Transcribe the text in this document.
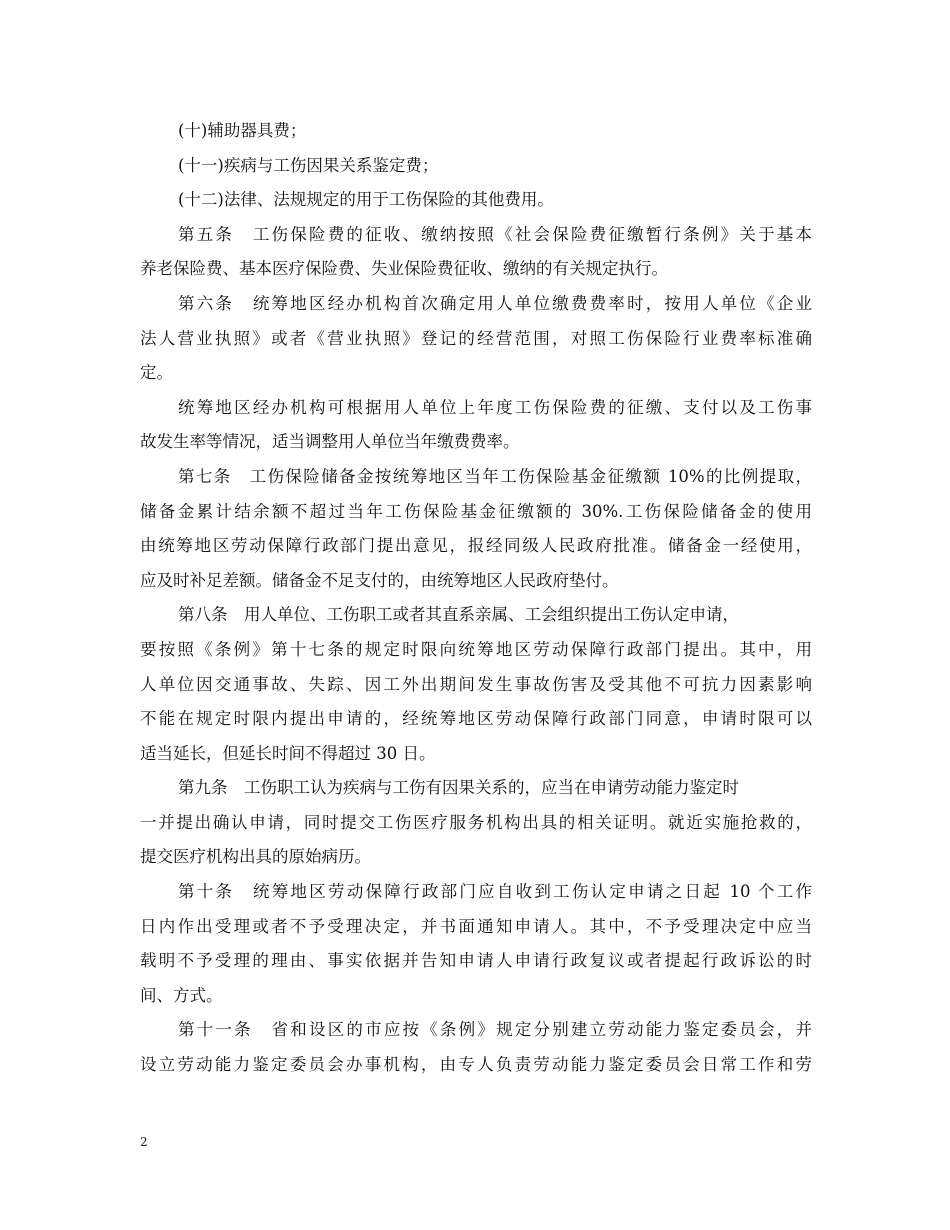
(十)辅助器具费；
(十一)疾病与工伤因果关系鉴定费；
(十二)法律、法规规定的用于工伤保险的其他费用。
第五条　工伤保险费的征收、缴纳按照《社会保险费征缴暂行条例》关于基本
养老保险费、基本医疗保险费、失业保险费征收、缴纳的有关规定执行。
第六条　统筹地区经办机构首次确定用人单位缴费费率时，按用人单位《企业
法人营业执照》或者《营业执照》登记的经营范围，对照工伤保险行业费率标准确
定。
统筹地区经办机构可根据用人单位上年度工伤保险费的征缴、支付以及工伤事
故发生率等情况，适当调整用人单位当年缴费费率。
第七条　工伤保险储备金按统筹地区当年工伤保险基金征缴额 10%的比例提取，
储备金累计结余额不超过当年工伤保险基金征缴额的 30%.工伤保险储备金的使用
由统筹地区劳动保障行政部门提出意见，报经同级人民政府批准。储备金一经使用，
应及时补足差额。储备金不足支付的，由统筹地区人民政府垫付。
第八条　用人单位、工伤职工或者其直系亲属、工会组织提出工伤认定申请，
要按照《条例》第十七条的规定时限向统筹地区劳动保障行政部门提出。其中，用
人单位因交通事故、失踪、因工外出期间发生事故伤害及受其他不可抗力因素影响
不能在规定时限内提出申请的，经统筹地区劳动保障行政部门同意，申请时限可以
适当延长，但延长时间不得超过 30 日。
第九条　工伤职工认为疾病与工伤有因果关系的，应当在申请劳动能力鉴定时
一并提出确认申请，同时提交工伤医疗服务机构出具的相关证明。就近实施抢救的，
提交医疗机构出具的原始病历。
第十条　统筹地区劳动保障行政部门应自收到工伤认定申请之日起 10 个工作
日内作出受理或者不予受理决定，并书面通知申请人。其中，不予受理决定中应当
载明不予受理的理由、事实依据并告知申请人申请行政复议或者提起行政诉讼的时
间、方式。
第十一条　省和设区的市应按《条例》规定分别建立劳动能力鉴定委员会，并
设立劳动能力鉴定委员会办事机构，由专人负责劳动能力鉴定委员会日常工作和劳
2
